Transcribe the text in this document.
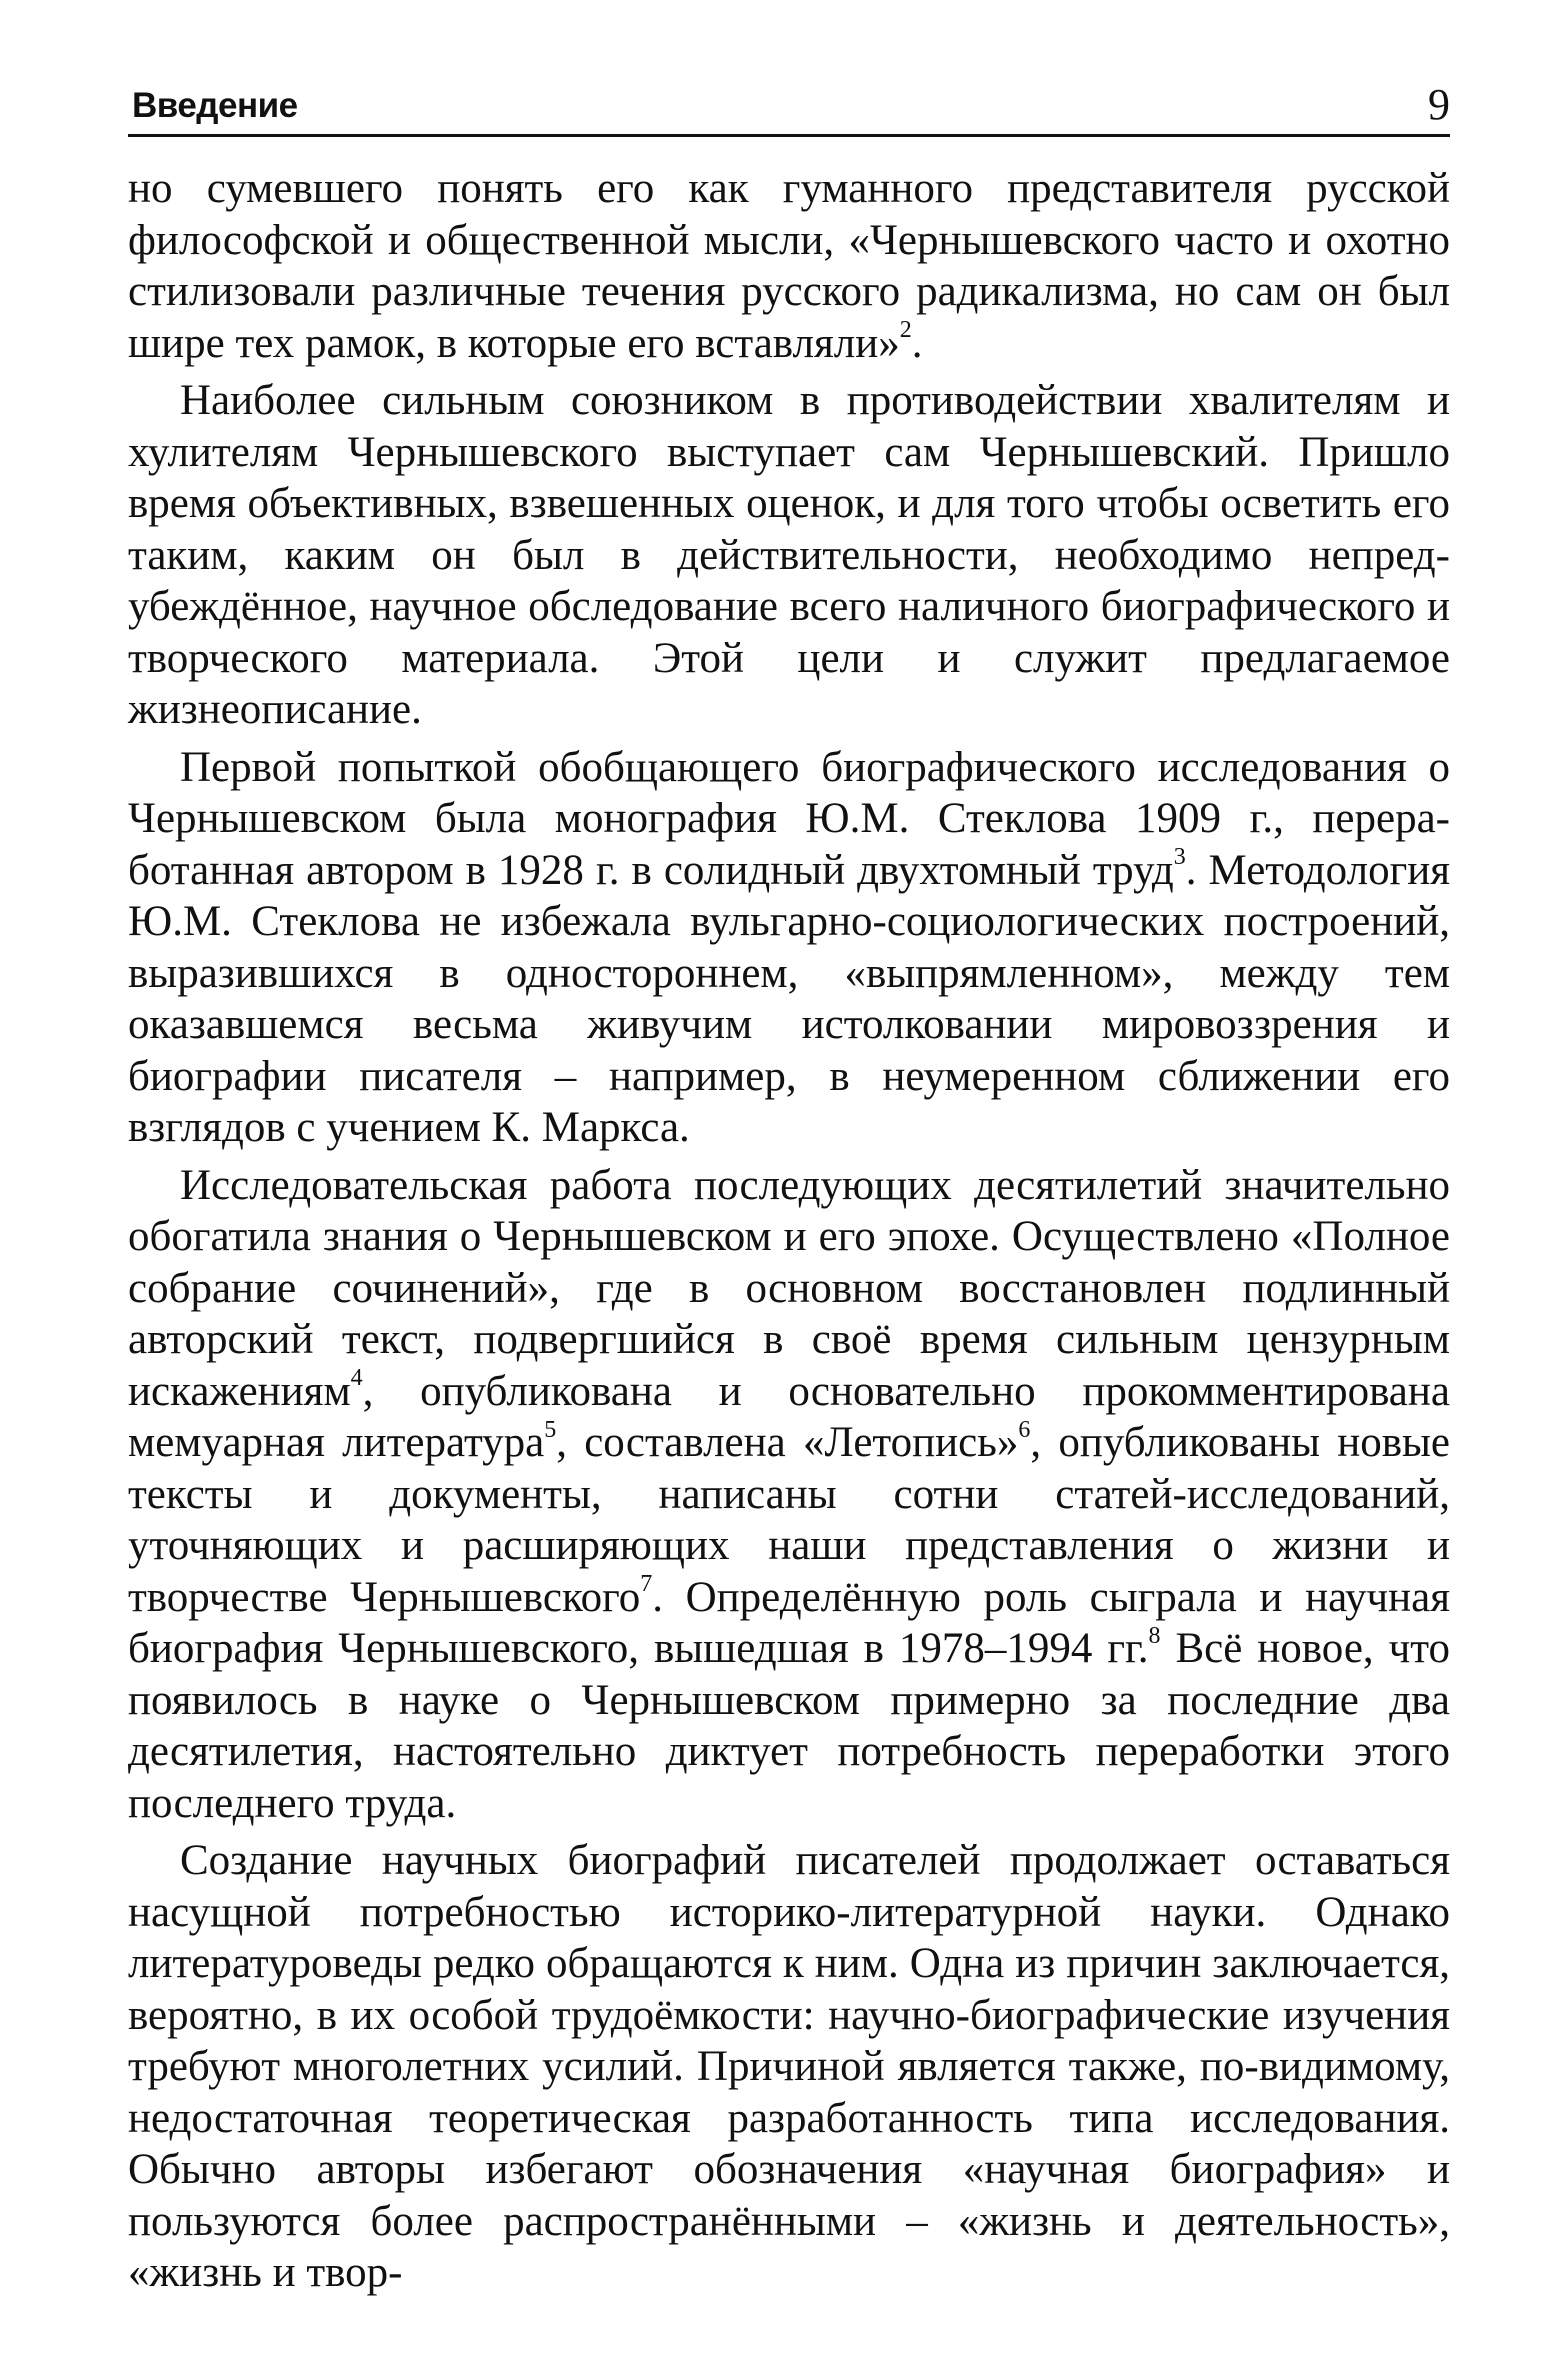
Введение	9

но сумевшего понять его как гуманного представителя русской философской и общественной мысли, «Чернышевского часто и охотно стилизовали различные течения русского радикализма, но сам он был шире тех рамок, в которые его вставляли»$^2$.

Наиболее сильным союзником в противодействии хвалителям и хулителям Чернышевского выступает сам Чернышевский. Пришло время объективных, взвешенных оценок, и для того чтобы осветить его таким, каким он был в действительности, необходимо непредубеждённое, научное обследование всего наличного биографического и творческого материала. Этой цели и служит предлагаемое жизнеописание.

Первой попыткой обобщающего биографического исследования о Чернышевском была монография Ю.М. Стеклова 1909 г., переработанная автором в 1928 г. в солидный двухтомный труд$^3$. Методология Ю.М. Стеклова не избежала вульгарно-социологических построений, выразившихся в одностороннем, «выпрямленном», между тем оказавшемся весьма живучим истолковании мировоззрения и биографии писателя – например, в неумеренном сближении его взглядов с учением К. Маркса.

Исследовательская работа последующих десятилетий значительно обогатила знания о Чернышевском и его эпохе. Осуществлено «Полное собрание сочинений», где в основном восстановлен подлинный авторский текст, подвергшийся в своё время сильным цензурным искажениям$^4$, опубликована и основательно прокомментирована мемуарная литература$^5$, составлена «Летопись»$^6$, опубликованы новые тексты и документы, написаны сотни статей-исследований, уточняющих и расширяющих наши представления о жизни и творчестве Чернышевского$^7$. Определённую роль сыграла и научная биография Чернышевского, вышедшая в 1978–1994 гг.$^8$ Всё новое, что появилось в науке о Чернышевском примерно за последние два десятилетия, настоятельно диктует потребность переработки этого последнего труда.

Создание научных биографий писателей продолжает оставаться насущной потребностью историко-литературной науки. Однако литературоведы редко обращаются к ним. Одна из причин заключается, вероятно, в их особой трудоёмкости: научно-биографические изучения требуют многолетних усилий. Причиной является также, по-видимому, недостаточная теоретическая разработанность типа исследования. Обычно авторы избегают обозначения «научная биография» и пользуются более распространёнными – «жизнь и деятельность», «жизнь и твор-
